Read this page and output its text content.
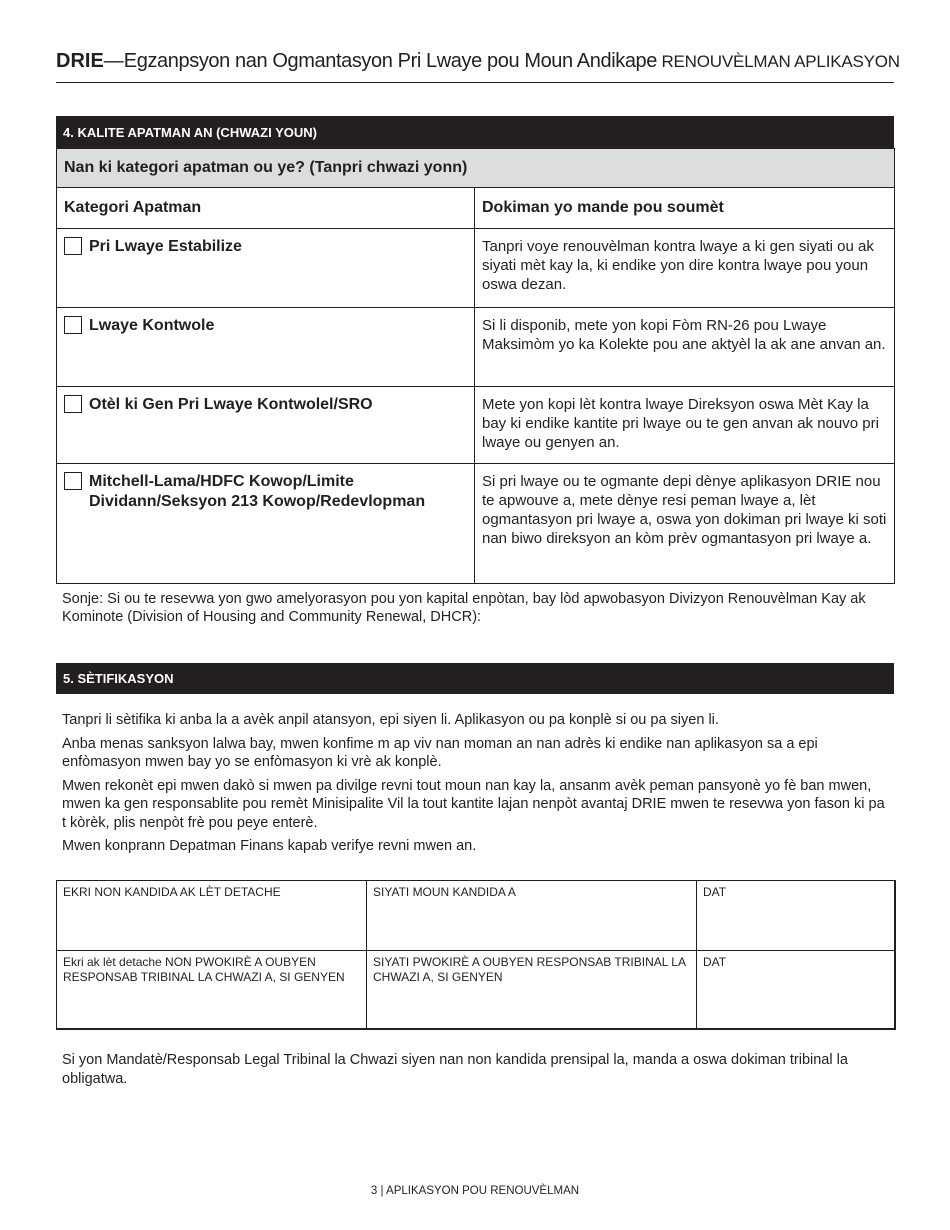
DRIE—Egzanpsyon nan Ogmantasyon Pri Lwaye pou Moun Andikape RENOUVÈLMAN APLIKASYON
4. KALITE APATMAN AN (CHWAZI YOUN)
Nan ki kategori apatman ou ye? (Tanpri chwazi yonn)	
Kategori Apatman	Dokiman yo mande pou soumèt

Pri Lwaye Estabilize	Tanpri voye renouvèlman kontra lwaye a ki gen siyati ou ak siyati mèt kay la, ki endike yon dire kontra lwaye pou youn oswa dezan.

Lwaye Kontwole	Si li disponib, mete yon kopi Fòm RN-26 pou Lwaye Maksimòm yo ka Kolekte pou ane aktyèl la ak ane anvan an.

Otèl ki Gen Pri Lwaye Kontwolel/SRO	Mete yon kopi lèt kontra lwaye Direksyon oswa Mèt Kay la bay ki endike kantite pri lwaye ou te gen anvan ak nouvo pri lwaye ou genyen an.

Mitchell-Lama/HDFC Kowop/Limite Dividann/Seksyon 213 Kowop/Redevlopman	Si pri lwaye ou te ogmante depi dènye aplikasyon DRIE nou te apwouve a, mete dènye resi peman lwaye a, lèt ogmantasyon pri lwaye a, oswa yon dokiman pri lwaye ki soti nan biwo direksyon an kòm prèv ogmantasyon pri lwaye a.
Sonje: Si ou te resevwa yon gwo amelyorasyon pou yon kapital enpòtan, bay lòd apwobasyon Divizyon Renouvèlman Kay ak Kominote (Division of Housing and Community Renewal, DHCR):
5. SÈTIFIKASYON

Tanpri li sètifika ki anba la a avèk anpil atansyon, epi siyen li. Aplikasyon ou pa konplè si ou pa siyen li.

Anba menas sanksyon lalwa bay, mwen konfime m ap viv nan moman an nan adrès ki endike nan aplikasyon sa a epi enfòmasyon mwen bay yo se enfòmasyon ki vrè ak konplè.

Mwen rekonèt epi mwen dakò si mwen pa divilge revni tout moun nan kay la, ansanm avèk peman pansyonè yo fè ban mwen, mwen ka gen responsablite pou remèt Minisipalite Vil la tout kantite lajan nenpòt avantaj DRIE mwen te resevwa yon fason ki pa t kòrèk, plis nenpòt frè pou peye enterè.

Mwen konprann Depatman Finans kapab verifye revni mwen an.

EKRI NON KANDIDA AK LÈT DETACHE	SIYATI MOUN KANDIDA A	DAT
Ekri ak lèt detache NON PWOKIRÈ A OUBYEN RESPONSAB TRIBINAL LA CHWAZI A, SI GENYEN	SIYATI PWOKIRÈ A OUBYEN RESPONSAB TRIBINAL LA CHWAZI A, SI GENYEN	DAT
Si yon Mandatè/Responsab Legal Tribinal la Chwazi siyen nan non kandida prensipal la, manda a oswa dokiman tribinal la obligatwa.
3 | APLIKASYON POU RENOUVÈLMAN
